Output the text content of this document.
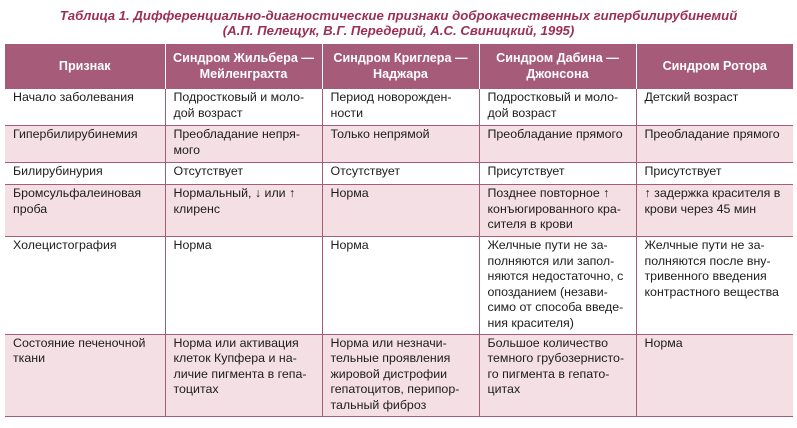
Таблица 1. Дифференциально-диагностические признаки доброкачественных гипербилирубинемий
(А.П. Пелещук, В.Г. Передерий, А.С. Свиницкий, 1995)
Признак	Синдром Жильбера — Мейленграхта	Синдром Криглера — Наджара	Синдром Дабина — Джонсона	Синдром Ротора
Начало заболевания	Подростковый и молодой возраст	Период новорожденности	Подростковый и молодой возраст	Детский возраст
Гипербилирубинемия	Преобладание непрямого	Только непрямой	Преобладание прямого	Преобладание прямого
Билирубинурия	Отсутствует	Отсутствует	Присутствует	Присутствует
Бромсульфалеиновая проба	Нормальный, ↓ или ↑ клиренс	Норма	Позднее повторное ↑ конъюгированного красителя в крови	↑ задержка красителя в крови через 45 мин
Холецистография	Норма	Норма	Желчные пути не заполняются или заполняются недостаточно, с опозданием (независимо от способа введения красителя)	Желчные пути не заполняются после внутривенного введения контрастного вещества
Состояние печеночной ткани	Норма или активация клеток Купфера и наличие пигмента в гепатоцитах	Норма или незначительные проявления жировой дистрофии гепатоцитов, перипортальный фиброз	Большое количество темного грубозернистого пигмента в гепатоцитах	Норма
